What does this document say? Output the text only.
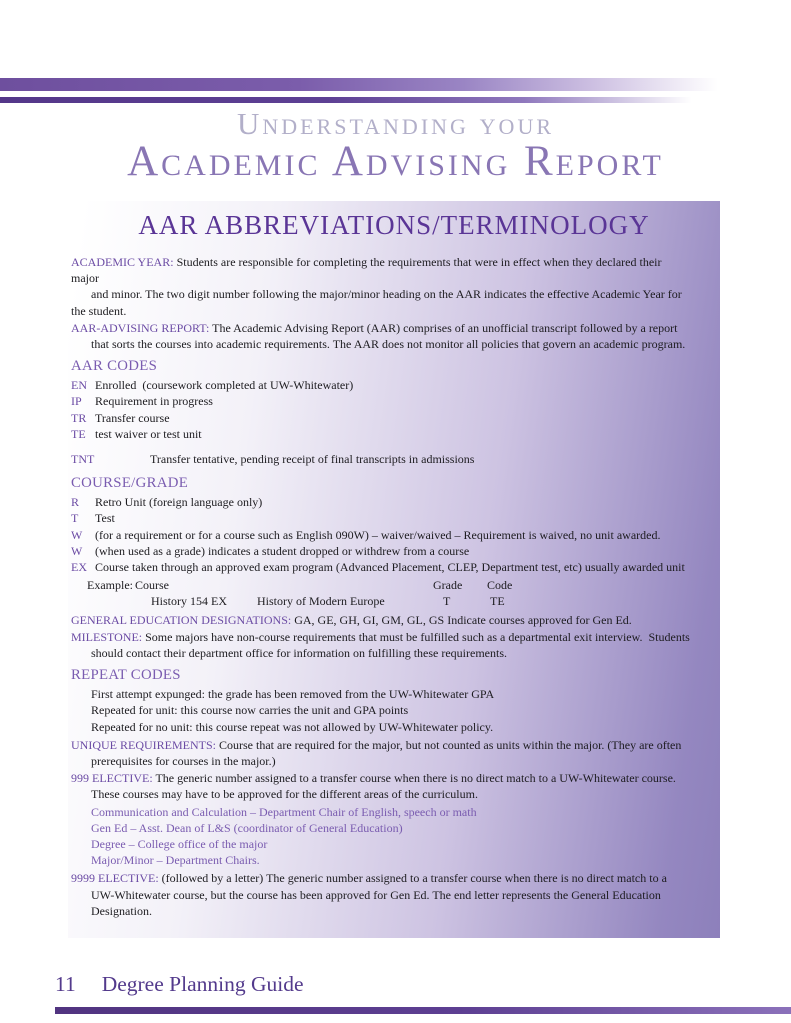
Understanding your
Academic Advising Report
AAR ABBREVIATIONS/TERMINOLOGY
ACADEMIC YEAR: Students are responsible for completing the requirements that were in effect when they declared their
major
and minor. The two digit number following the major/minor heading on the AAR indicates the effective Academic Year for
the student.
AAR-ADVISING REPORT: The Academic Advising Report (AAR) comprises of an unofficial transcript followed by a report
that sorts the courses into academic requirements. The AAR does not monitor all policies that govern an academic program.
AAR CODES
EN Enrolled  (coursework completed at UW-Whitewater)
IP	Requirement in progress
TR Transfer course
TE test waiver or test unit
TNT	Transfer tentative, pending receipt of final transcripts in admissions
COURSE/GRADE
R	Retro Unit (foreign language only)
T	Test
W	(for a requirement or for a course such as English 090W) – waiver/waived – Requirement is waived, no unit awarded.
W	(when used as a grade) indicates a student dropped or withdrew from a course
EX Course taken through an approved exam program (Advanced Placement, CLEP, Department test, etc) usually awarded unit
Example: Course	Grade Code
History 154 EX	History of Modern Europe	T	TE
GENERAL EDUCATION DESIGNATIONS: GA, GE, GH, GI, GM, GL, GS Indicate courses approved for Gen Ed.
MILESTONE: Some majors have non-course requirements that must be fulfilled such as a departmental exit interview.  Students
should contact their department office for information on fulfilling these requirements.
REPEAT CODES
First attempt expunged: the grade has been removed from the UW-Whitewater GPA
Repeated for unit: this course now carries the unit and GPA points
Repeated for no unit: this course repeat was not allowed by UW-Whitewater policy.
UNIQUE REQUIREMENTS: Course that are required for the major, but not counted as units within the major. (They are often
prerequisites for courses in the major.)
999 ELECTIVE: The generic number assigned to a transfer course when there is no direct match to a UW-Whitewater course.
These courses may have to be approved for the different areas of the curriculum.
Communication and Calculation – Department Chair of English, speech or math
Gen Ed – Asst. Dean of L&S (coordinator of General Education)
Degree – College office of the major
Major/Minor – Department Chairs.
9999 ELECTIVE: (followed by a letter) The generic number assigned to a transfer course when there is no direct match to a
UW-Whitewater course, but the course has been approved for Gen Ed. The end letter represents the General Education
Designation.
11 Degree Planning Guide
